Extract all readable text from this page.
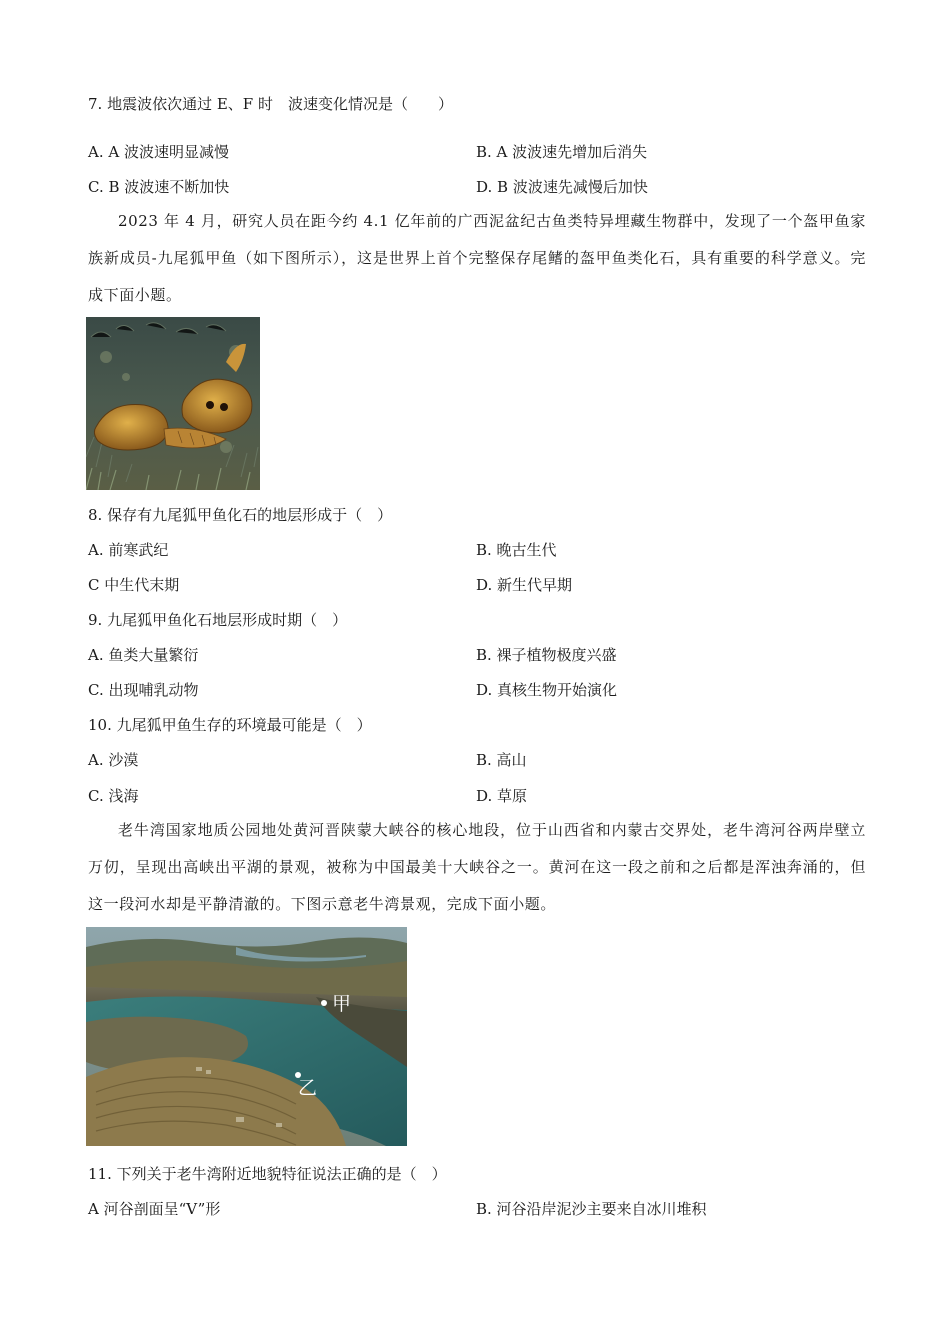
7. 地震波依次通过 E、F 时　波速变化情况是（　　）
A. A 波波速明显减慢	B. A 波波速先增加后消失
C. B 波波速不断加快	D. B 波波速先减慢后加快
2023 年 4 月，研究人员在距今约 4.1 亿年前的广西泥盆纪古鱼类特异埋藏生物群中，发现了一个盔甲鱼家族新成员-九尾狐甲鱼（如下图所示），这是世界上首个完整保存尾鳍的盔甲鱼类化石，具有重要的科学意义。完成下面小题。
8. 保存有九尾狐甲鱼化石的地层形成于（　）
A. 前寒武纪	B. 晚古生代
C 中生代末期	D. 新生代早期
9. 九尾狐甲鱼化石地层形成时期（　）
A. 鱼类大量繁衍	B. 裸子植物极度兴盛
C. 出现哺乳动物	D. 真核生物开始演化
10. 九尾狐甲鱼生存的环境最可能是（　）
A. 沙漠	B. 高山
C. 浅海	D. 草原
老牛湾国家地质公园地处黄河晋陕蒙大峡谷的核心地段，位于山西省和内蒙古交界处，老牛湾河谷两岸壁立万仞，呈现出高峡出平湖的景观，被称为中国最美十大峡谷之一。黄河在这一段之前和之后都是浑浊奔涌的，但这一段河水却是平静清澈的。下图示意老牛湾景观，完成下面小题。
甲
乙
11. 下列关于老牛湾附近地貌特征说法正确的是（　）
A 河谷剖面呈“V”形	B. 河谷沿岸泥沙主要来自冰川堆积
